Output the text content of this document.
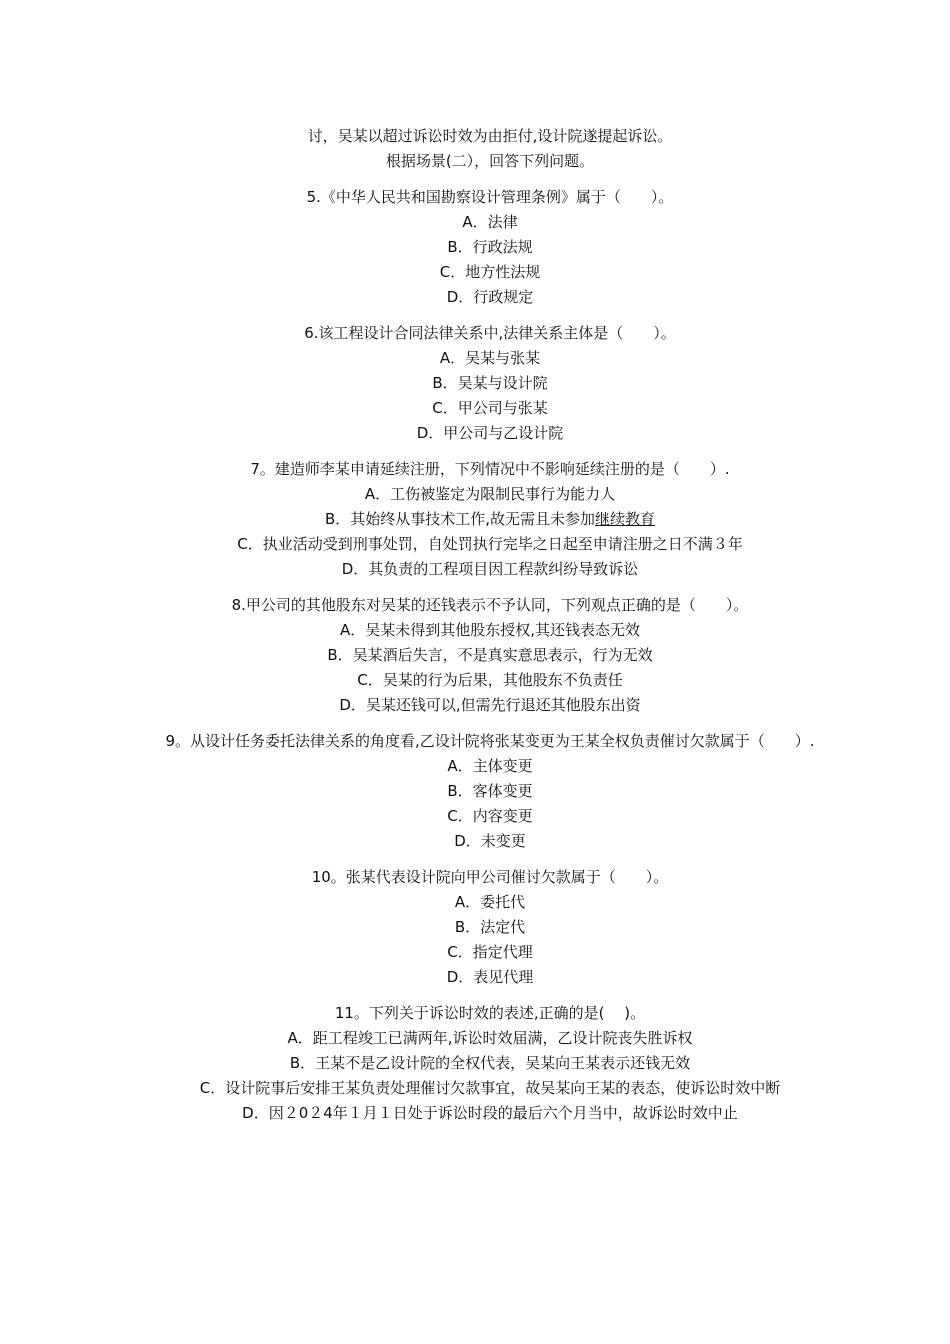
讨，吴某以超过诉讼时效为由拒付,设计院遂提起诉讼。
根据场景(二），回答下列问题。
5.《中华人民共和国勘察设计管理条例》属于（　　）。
A．法律
B．行政法规
C．地方性法规
D．行政规定
6.该工程设计合同法律关系中,法律关系主体是（　　）。
A．吴某与张某
B．吴某与设计院
C．甲公司与张某
D．甲公司与乙设计院
7。建造师李某申请延续注册，下列情况中不影响延续注册的是（　　）.
A．工伤被鉴定为限制民事行为能力人
B．其始终从事技术工作,故无需且未参加继续教育
C．执业活动受到刑事处罚，自处罚执行完毕之日起至申请注册之日不满３年
D．其负责的工程项目因工程款纠纷导致诉讼
8.甲公司的其他股东对吴某的还钱表示不予认同，下列观点正确的是（　　）。
A．吴某未得到其他股东授权,其还钱表态无效
B．吴某酒后失言，不是真实意思表示，行为无效
C．吴某的行为后果，其他股东不负责任
D．吴某还钱可以,但需先行退还其他股东出资
9。从设计任务委托法律关系的角度看,乙设计院将张某变更为王某全权负责催讨欠款属于（　　）.
A．主体变更
B．客体变更
C．内容变更
D．未变更
10。张某代表设计院向甲公司催讨欠款属于（　　）。
A．委托代
B．法定代
C．指定代理
D．表见代理
11。下列关于诉讼时效的表述,正确的是(　 )。
A．距工程竣工已满两年,诉讼时效届满，乙设计院丧失胜诉权
B．王某不是乙设计院的全权代表，吴某向王某表示还钱无效
C．设计院事后安排王某负责处理催讨欠款事宜，故吴某向王某的表态，使诉讼时效中断
D．因２0２4年１月１日处于诉讼时段的最后六个月当中，故诉讼时效中止
